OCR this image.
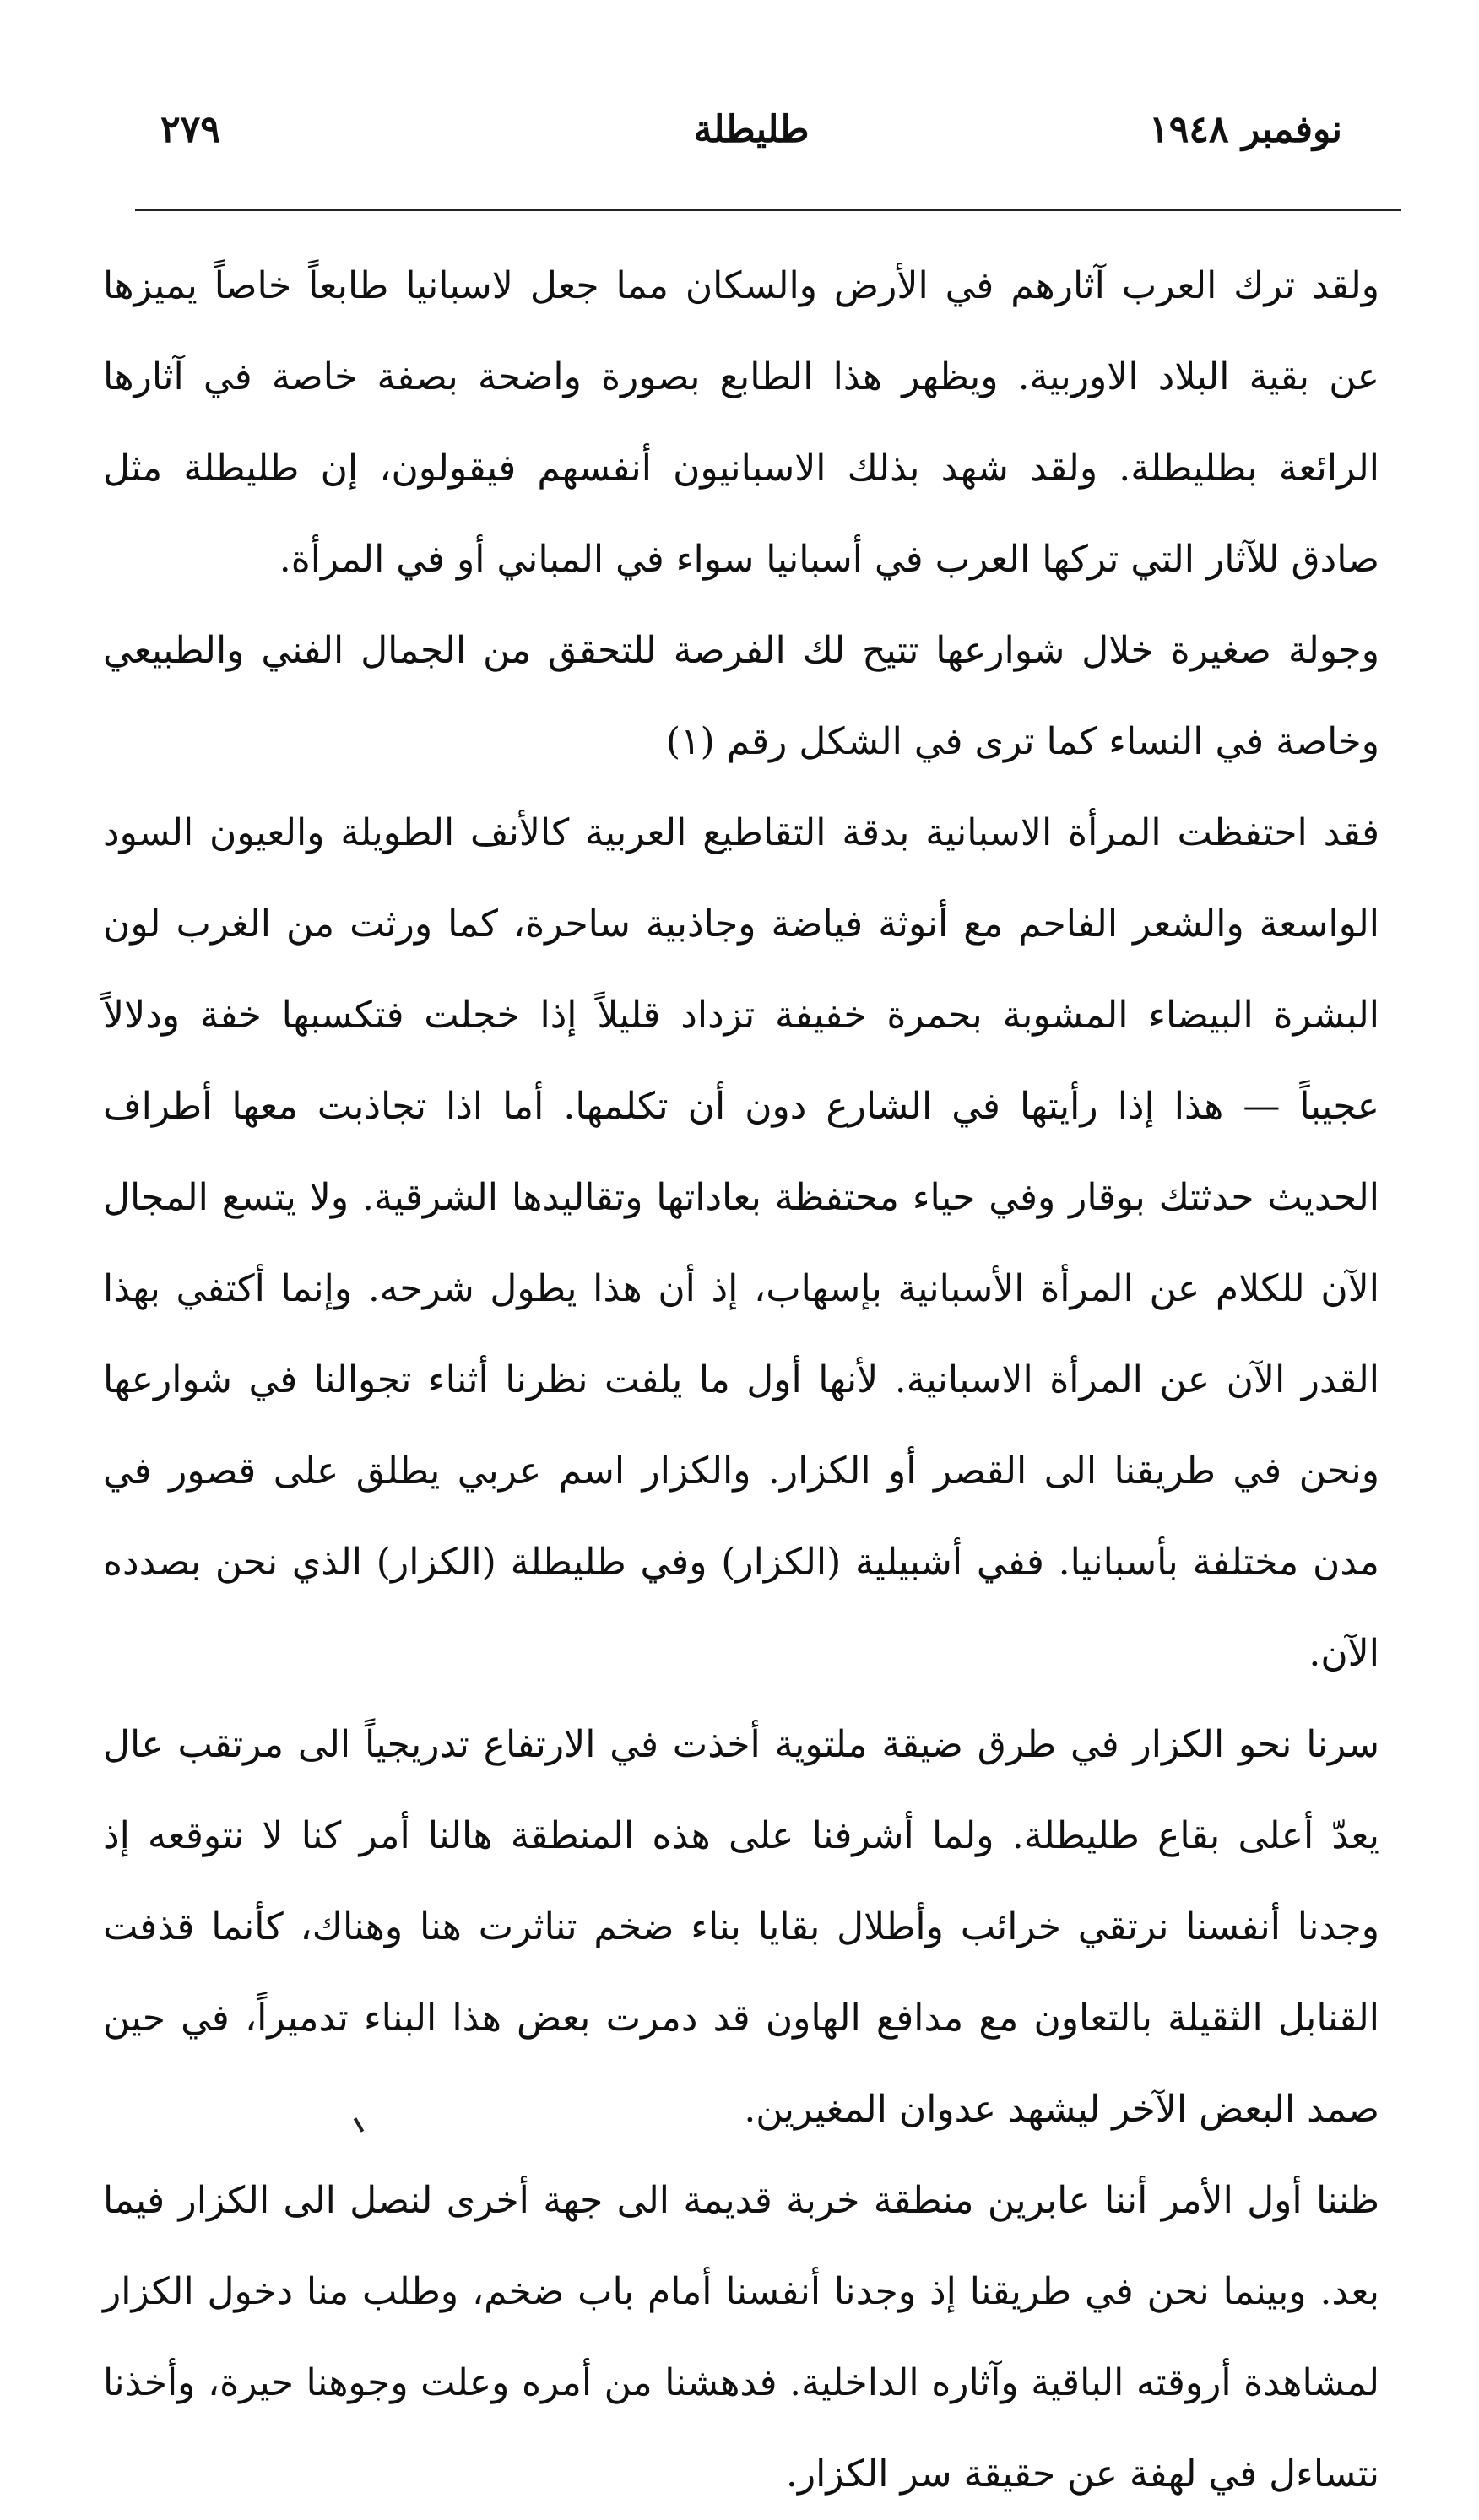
نوفمبر ١٩٤٨
طليطلة
٢٧٩

ولقد ترك العرب آثارهم في الأرض والسكان مما جعل لاسبانيا طابعاً خاصاً يميزها عن بقية البلاد الاوربية. ويظهر هذا الطابع بصورة واضحة بصفة خاصة في آثارها الرائعة بطليطلة. ولقد شهد بذلك الاسبانيون أنفسهم فيقولون، إن طليطلة مثل صادق للآثار التي تركها العرب في أسبانيا سواء في المباني أو في المرأة.

وجولة صغيرة خلال شوارعها تتيح لك الفرصة للتحقق من الجمال الفني والطبيعي وخاصة في النساء كما ترى في الشكل رقم (١)

فقد احتفظت المرأة الاسبانية بدقة التقاطيع العربية كالأنف الطويلة والعيون السود الواسعة والشعر الفاحم مع أنوثة فياضة وجاذبية ساحرة، كما ورثت من الغرب لون البشرة البيضاء المشوبة بحمرة خفيفة تزداد قليلاً إذا خجلت فتكسبها خفة ودلالاً عجيباً — هذا إذا رأيتها في الشارع دون أن تكلمها. أما اذا تجاذبت معها أطراف الحديث حدثتك بوقار وفي حياء محتفظة بعاداتها وتقاليدها الشرقية. ولا يتسع المجال الآن للكلام عن المرأة الأسبانية بإسهاب، إذ أن هذا يطول شرحه. وإنما أكتفي بهذا القدر الآن عن المرأة الاسبانية. لأنها أول ما يلفت نظرنا أثناء تجوالنا في شوارعها ونحن في طريقنا الى القصر أو الكزار. والكزار اسم عربي يطلق على قصور في مدن مختلفة بأسبانيا. ففي أشبيلية (الكزار) وفي طليطلة (الكزار) الذي نحن بصدده الآن.

سرنا نحو الكزار في طرق ضيقة ملتوية أخذت في الارتفاع تدريجياً الى مرتقب عال يعدّ أعلى بقاع طليطلة. ولما أشرفنا على هذه المنطقة هالنا أمر كنا لا نتوقعه إذ وجدنا أنفسنا نرتقي خرائب وأطلال بقايا بناء ضخم تناثرت هنا وهناك، كأنما قذفت القنابل الثقيلة بالتعاون مع مدافع الهاون قد دمرت بعض هذا البناء تدميراً، في حين صمد البعض الآخر ليشهد عدوان المغيرين.

ظننا أول الأمر أننا عابرين منطقة خربة قديمة الى جهة أخرى لنصل الى الكزار فيما بعد. وبينما نحن في طريقنا إذ وجدنا أنفسنا أمام باب ضخم، وطلب منا دخول الكزار لمشاهدة أروقته الباقية وآثاره الداخلية. فدهشنا من أمره وعلت وجوهنا حيرة، وأخذنا نتساءل في لهفة عن حقيقة سر الكزار.
